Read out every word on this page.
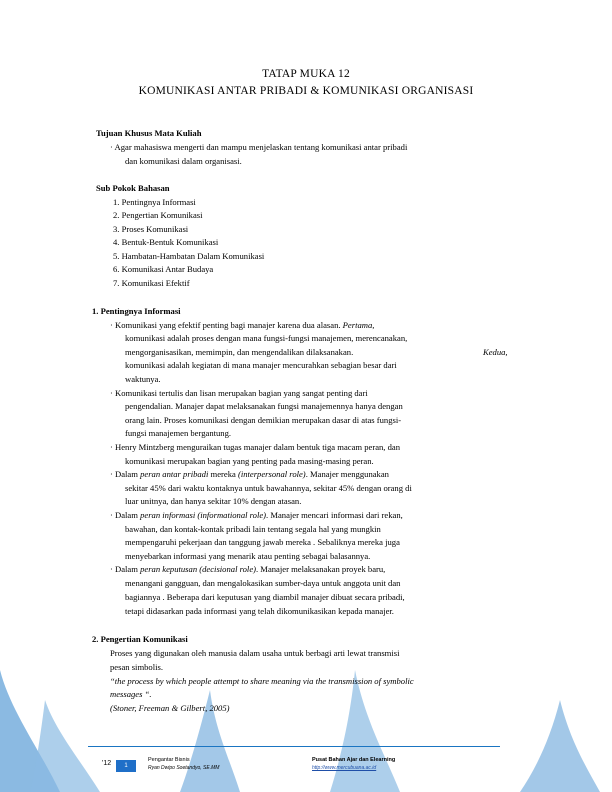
TATAP MUKA 12
KOMUNIKASI ANTAR PRIBADI & KOMUNIKASI ORGANISASI
Tujuan Khusus Mata Kuliah
· Agar mahasiswa mengerti dan mampu menjelaskan tentang komunikasi antar pribadi
dan komunikasi dalam organisasi.
Sub Pokok Bahasan
1. Pentingnya Informasi
2. Pengertian Komunikasi
3. Proses Komunikasi
4. Bentuk-Bentuk Komunikasi
5. Hambatan-Hambatan Dalam Komunikasi
6. Komunikasi Antar Budaya
7. Komunikasi Efektif
1. Pentingnya Informasi
· Komunikasi yang efektif penting bagi manajer karena dua alasan. Pertama,
komunikasi adalah proses dengan mana fungsi-fungsi manajemen, merencanakan,
mengorganisasikan, memimpin, dan mengendalikan dilaksanakan.	Kedua,
komunikasi adalah kegiatan di mana manajer mencurahkan sebagian besar dari
waktunya.
· Komunikasi tertulis dan lisan merupakan bagian yang sangat penting dari
pengendalian. Manajer dapat melaksanakan fungsi manajemennya hanya dengan
orang lain. Proses komunikasi dengan demikian merupakan dasar di atas fungsi-
fungsi manajemen bergantung.
· Henry Mintzberg menguraikan tugas manajer dalam bentuk tiga macam peran, dan
komunikasi merupakan bagian yang penting pada masing-masing peran.
· Dalam peran antar pribadi mereka (interpersonal role). Manajer menggunakan
sekitar 45% dari waktu kontaknya untuk bawahannya, sekitar 45% dengan orang di
luar unitnya, dan hanya sekitar 10% dengan atasan.
· Dalam peran informasi (informational role). Manajer mencari informasi dari rekan,
bawahan, dan kontak-kontak pribadi lain tentang segala hal yang mungkin
mempengaruhi pekerjaan dan tanggung jawab mereka . Sebaliknya mereka juga
menyebarkan informasi yang menarik atau penting sebagai balasannya.
· Dalam peran keputusan (decisional role). Manajer melaksanakan proyek baru,
menangani gangguan, dan mengalokasikan sumber-daya untuk anggota unit dan
bagiannya . Beberapa dari keputusan yang diambil manajer dibuat secara pribadi,
tetapi didasarkan pada informasi yang telah dikomunikasikan kepada manajer.
2. Pengertian Komunikasi
Proses yang digunakan oleh manusia dalam usaha untuk berbagi arti lewat transmisi
pesan simbolis.
“the process by which people attempt to share meaning via the transmission of symbolic
messages “.
(Stoner, Freeman & Gilbert, 2005)
'12	1
Pengantar Bisnis
Ryan Dwipo Soetandyo, SE.MM
Pusat Bahan Ajar dan Elearning
http://www.mercubuana.ac.id
